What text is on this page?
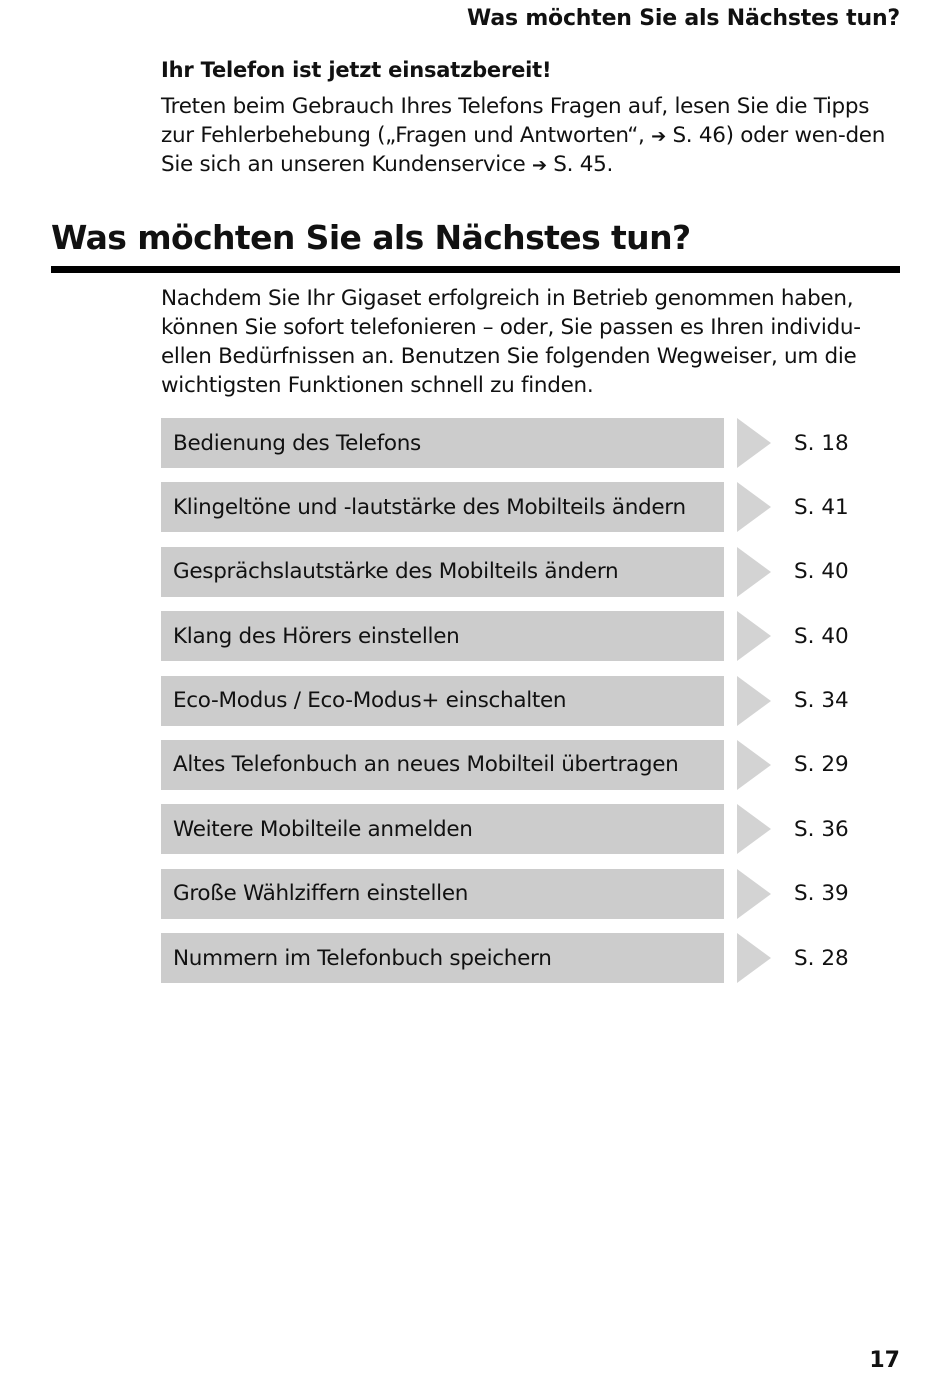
Was möchten Sie als Nächstes tun?

Ihr Telefon ist jetzt einsatzbereit!

Treten beim Gebrauch Ihres Telefons Fragen auf, lesen Sie die Tipps zur Fehlerbehebung („Fragen und Antworten“, ➔ S. 46) oder wen-den Sie sich an unseren Kundenservice ➔ S. 45.

Was möchten Sie als Nächstes tun?

Nachdem Sie Ihr Gigaset erfolgreich in Betrieb genommen haben, können Sie sofort telefonieren – oder, Sie passen es Ihren individu-ellen Bedürfnissen an. Benutzen Sie folgenden Wegweiser, um die wichtigsten Funktionen schnell zu finden.

Bedienung des Telefons	S. 18
Klingeltöne und -lautstärke des Mobilteils ändern	S. 41
Gesprächslautstärke des Mobilteils ändern	S. 40
Klang des Hörers einstellen	S. 40
Eco-Modus / Eco-Modus+ einschalten	S. 34
Altes Telefonbuch an neues Mobilteil übertragen	S. 29
Weitere Mobilteile anmelden	S. 36
Große Wählziffern einstellen	S. 39
Nummern im Telefonbuch speichern	S. 28
17
